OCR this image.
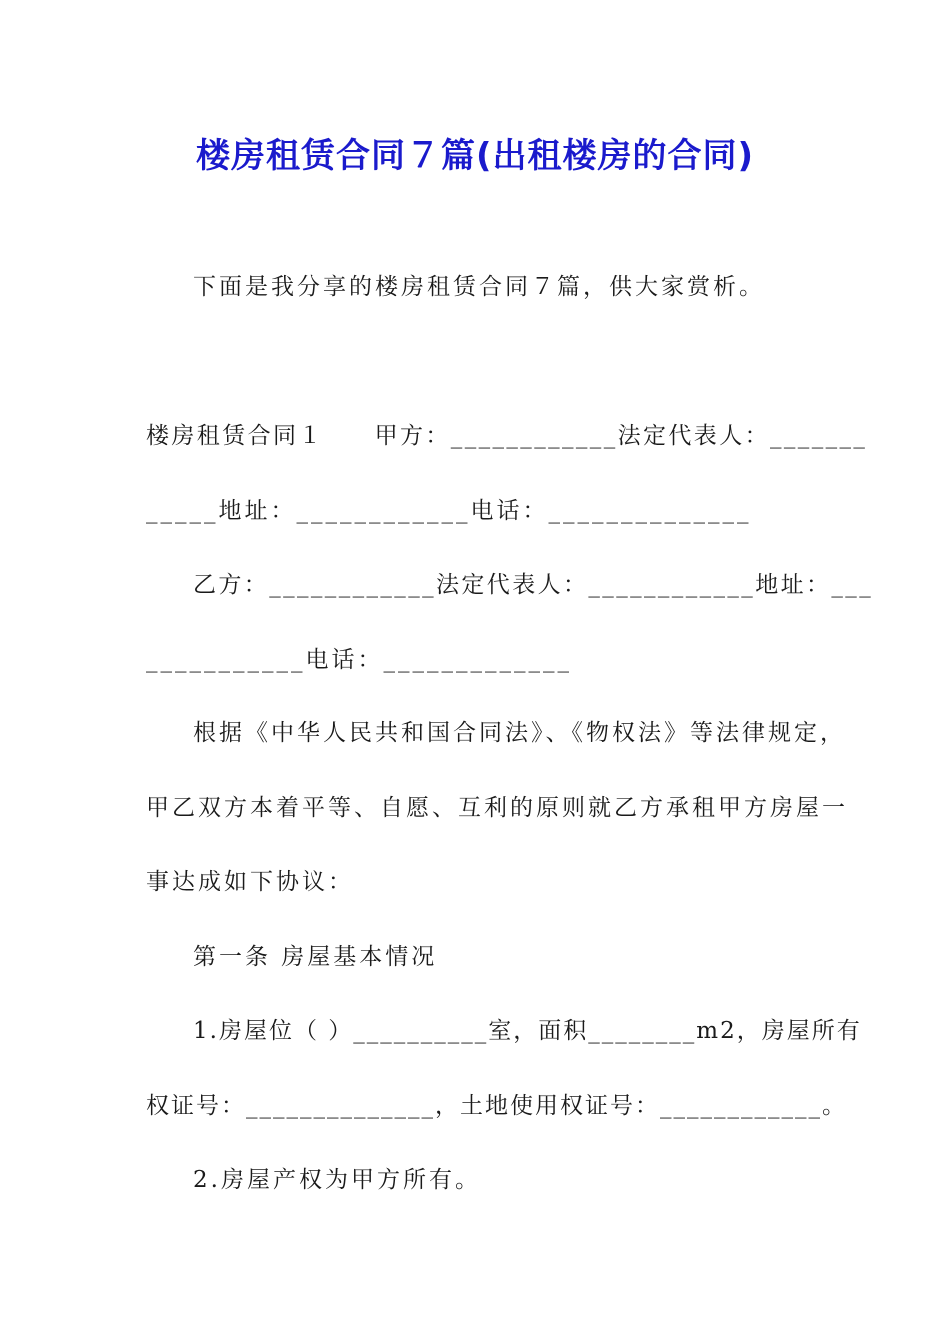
楼房租赁合同７篇(出租楼房的合同)
下面是我分享的楼房租赁合同７篇，供大家赏析。
楼房租赁合同１　　甲方：____________法定代表人：_______
_____地址：____________电话：______________
乙方：____________法定代表人：____________地址：___
___________电话：_____________
根据《中华人民共和国合同法》、《物权法》等法律规定，
甲乙双方本着平等、自愿、互利的原则就乙方承租甲方房屋一
事达成如下协议：
第一条 房屋基本情况
1.房屋位（ ）__________室，面积________m2，房屋所有
权证号：______________，土地使用权证号：____________。
2.房屋产权为甲方所有。
